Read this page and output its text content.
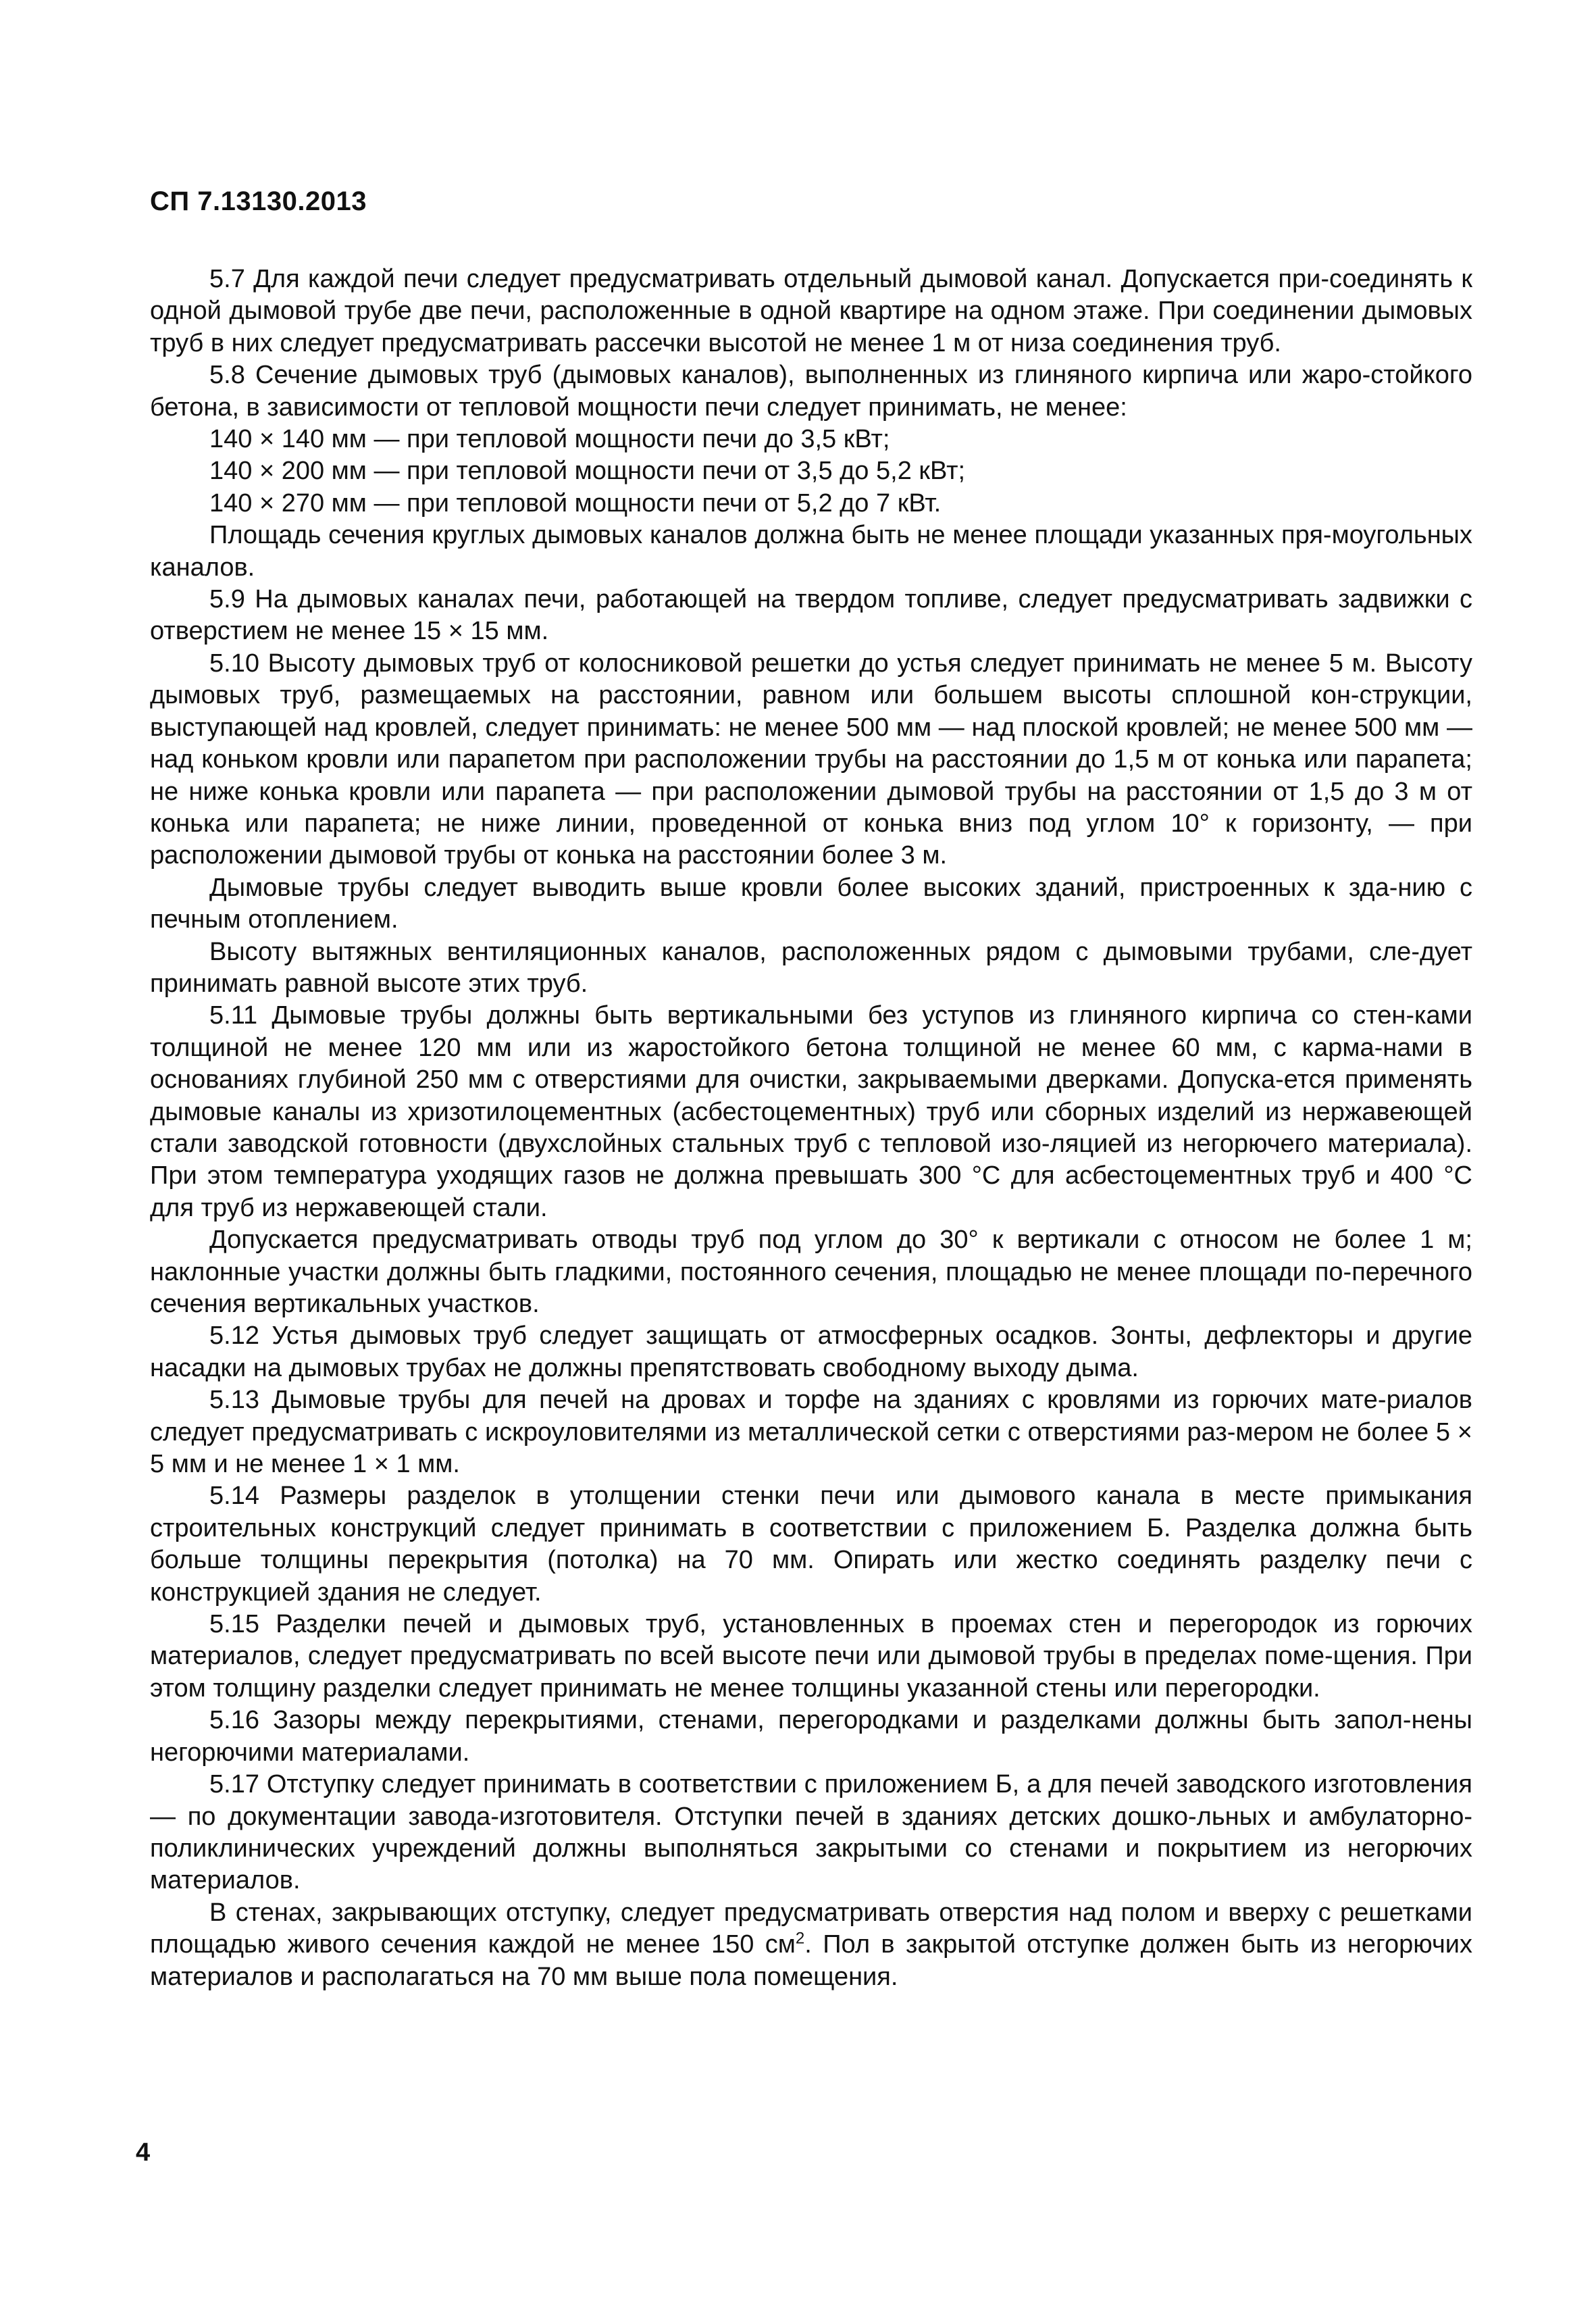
СП 7.13130.2013

5.7 Для каждой печи следует предусматривать отдельный дымовой канал. Допускается при-соединять к одной дымовой трубе две печи, расположенные в одной квартире на одном этаже. При соединении дымовых труб в них следует предусматривать рассечки высотой не менее 1 м от низа соединения труб.

5.8 Сечение дымовых труб (дымовых каналов), выполненных из глиняного кирпича или жаро-стойкого бетона, в зависимости от тепловой мощности печи следует принимать, не менее:

140 × 140 мм — при тепловой мощности печи до 3,5 кВт;

140 × 200 мм — при тепловой мощности печи от 3,5 до 5,2 кВт;

140 × 270 мм — при тепловой мощности печи от 5,2 до 7 кВт.

Площадь сечения круглых дымовых каналов должна быть не менее площади указанных пря-моугольных каналов.

5.9 На дымовых каналах печи, работающей на твердом топливе, следует предусматривать задвижки с отверстием не менее 15 × 15 мм.

5.10 Высоту дымовых труб от колосниковой решетки до устья следует принимать не менее 5 м. Высоту дымовых труб, размещаемых на расстоянии, равном или большем высоты сплошной кон-струкции, выступающей над кровлей, следует принимать: не менее 500 мм — над плоской кровлей; не менее 500 мм — над коньком кровли или парапетом при расположении трубы на расстоянии до 1,5 м от конька или парапета; не ниже конька кровли или парапета — при расположении дымовой трубы на расстоянии от 1,5 до 3 м от конька или парапета; не ниже линии, проведенной от конька вниз под углом 10° к горизонту, — при расположении дымовой трубы от конька на расстоянии более 3 м.

Дымовые трубы следует выводить выше кровли более высоких зданий, пристроенных к зда-нию с печным отоплением.

Высоту вытяжных вентиляционных каналов, расположенных рядом с дымовыми трубами, сле-дует принимать равной высоте этих труб.

5.11 Дымовые трубы должны быть вертикальными без уступов из глиняного кирпича со стен-ками толщиной не менее 120 мм или из жаростойкого бетона толщиной не менее 60 мм, с карма-нами в основаниях глубиной 250 мм с отверстиями для очистки, закрываемыми дверками. Допуска-ется применять дымовые каналы из хризотилоцементных (асбестоцементных) труб или сборных изделий из нержавеющей стали заводской готовности (двухслойных стальных труб с тепловой изо-ляцией из негорючего материала). При этом температура уходящих газов не должна превышать 300 °С для асбестоцементных труб и 400 °С для труб из нержавеющей стали.

Допускается предусматривать отводы труб под углом до 30° к вертикали с относом не более 1 м; наклонные участки должны быть гладкими, постоянного сечения, площадью не менее площади по-перечного сечения вертикальных участков.

5.12 Устья дымовых труб следует защищать от атмосферных осадков. Зонты, дефлекторы и другие насадки на дымовых трубах не должны препятствовать свободному выходу дыма.

5.13 Дымовые трубы для печей на дровах и торфе на зданиях с кровлями из горючих мате-риалов следует предусматривать с искроуловителями из металлической сетки с отверстиями раз-мером не более 5 × 5 мм и не менее 1 × 1 мм.

5.14 Размеры разделок в утолщении стенки печи или дымового канала в месте примыкания строительных конструкций следует принимать в соответствии с приложением Б. Разделка должна быть больше толщины перекрытия (потолка) на 70 мм. Опирать или жестко соединять разделку печи с конструкцией здания не следует.

5.15 Разделки печей и дымовых труб, установленных в проемах стен и перегородок из горючих материалов, следует предусматривать по всей высоте печи или дымовой трубы в пределах поме-щения. При этом толщину разделки следует принимать не менее толщины указанной стены или перегородки.

5.16 Зазоры между перекрытиями, стенами, перегородками и разделками должны быть запол-нены негорючими материалами.

5.17 Отступку следует принимать в соответствии с приложением Б, а для печей заводского изготовления — по документации завода-изготовителя. Отступки печей в зданиях детских дошко-льных и амбулаторно-поликлинических учреждений должны выполняться закрытыми со стенами и покрытием из негорючих материалов.

В стенах, закрывающих отступку, следует предусматривать отверстия над полом и вверху с решетками площадью живого сечения каждой не менее 150 $см^2$. Пол в закрытой отступке должен быть из негорючих материалов и располагаться на 70 мм выше пола помещения.

4
